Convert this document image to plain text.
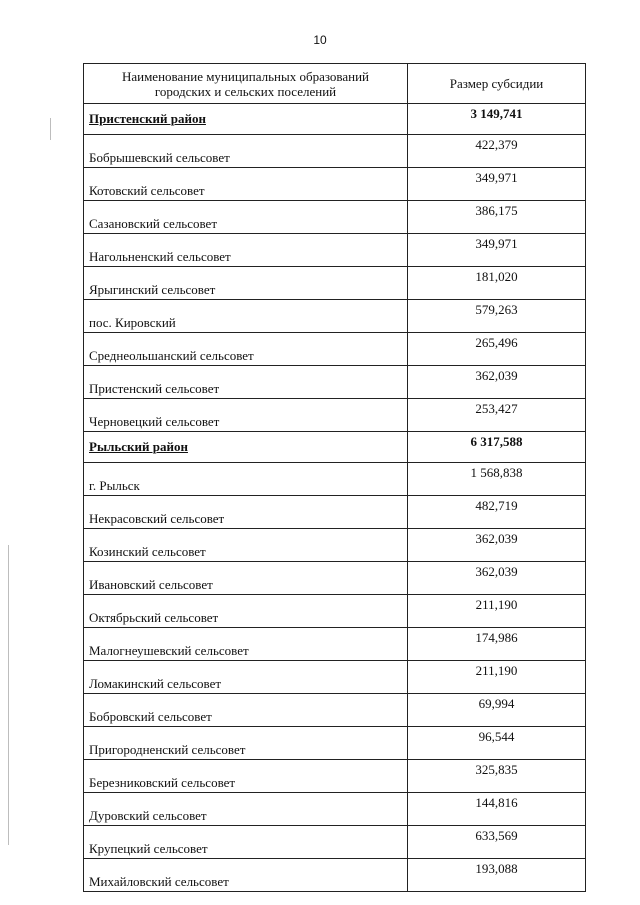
10
Наименование муниципальных образований
городских и сельских поселений	Размер субсидии
Пристенский район	3 149,741
Бобрышевский сельсовет	422,379
Котовский сельсовет	349,971
Сазановский сельсовет	386,175
Нагольненский сельсовет	349,971
Ярыгинский сельсовет	181,020
пос. Кировский	579,263
Среднеольшанский сельсовет	265,496
Пристенский сельсовет	362,039
Черновецкий сельсовет	253,427
Рыльский район	6 317,588
г. Рыльск	1 568,838
Некрасовский сельсовет	482,719
Козинский сельсовет	362,039
Ивановский сельсовет	362,039
Октябрьский сельсовет	211,190
Малогнеушевский сельсовет	174,986
Ломакинский сельсовет	211,190
Бобровский сельсовет	69,994
Пригородненский сельсовет	96,544
Березниковский сельсовет	325,835
Дуровский сельсовет	144,816
Крупецкий сельсовет	633,569
Михайловский сельсовет	193,088
